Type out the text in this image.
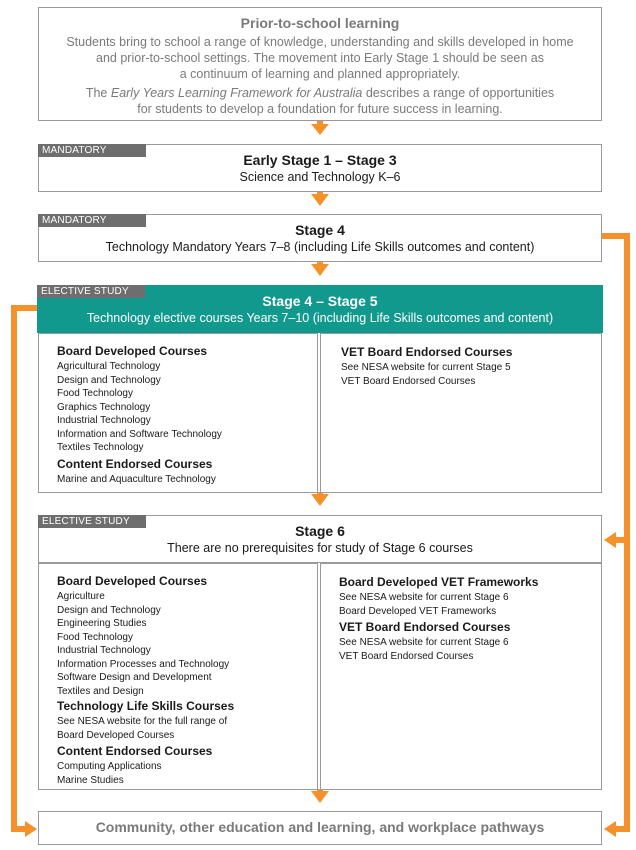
Prior-to-school learning
Students bring to school a range of knowledge, understanding and skills developed in home
and prior-to-school settings. The movement into Early Stage 1 should be seen as
a continuum of learning and planned appropriately.
The Early Years Learning Framework for Australia describes a range of opportunities
for students to develop a foundation for future success in learning.
Early Stage 1 – Stage 3
Science and Technology K–6
MANDATORY STUDY
Stage 4
Technology Mandatory Years 7–8 (including Life Skills outcomes and content)
MANDATORY STUDY
Stage 4 – Stage 5
Technology elective courses Years 7–10 (including Life Skills outcomes and content)
ELECTIVE STUDY
Board Developed Courses
Agricultural Technology
Design and Technology
Food Technology
Graphics Technology
Industrial Technology
Information and Software Technology
Textiles Technology
Content Endorsed Courses
Marine and Aquaculture Technology
VET Board Endorsed Courses
See NESA website for current Stage 5
VET Board Endorsed Courses
Stage 6
There are no prerequisites for study of Stage 6 courses
ELECTIVE STUDY
Board Developed Courses
Agriculture
Design and Technology
Engineering Studies
Food Technology
Industrial Technology
Information Processes and Technology
Software Design and Development
Textiles and Design
Technology Life Skills Courses
See NESA website for the full range of
Board Developed Courses
Content Endorsed Courses
Computing Applications
Marine Studies
Board Developed VET Frameworks
See NESA website for current Stage 6
Board Developed VET Frameworks
VET Board Endorsed Courses
See NESA website for current Stage 6
VET Board Endorsed Courses
Community, other education and learning, and workplace pathways
